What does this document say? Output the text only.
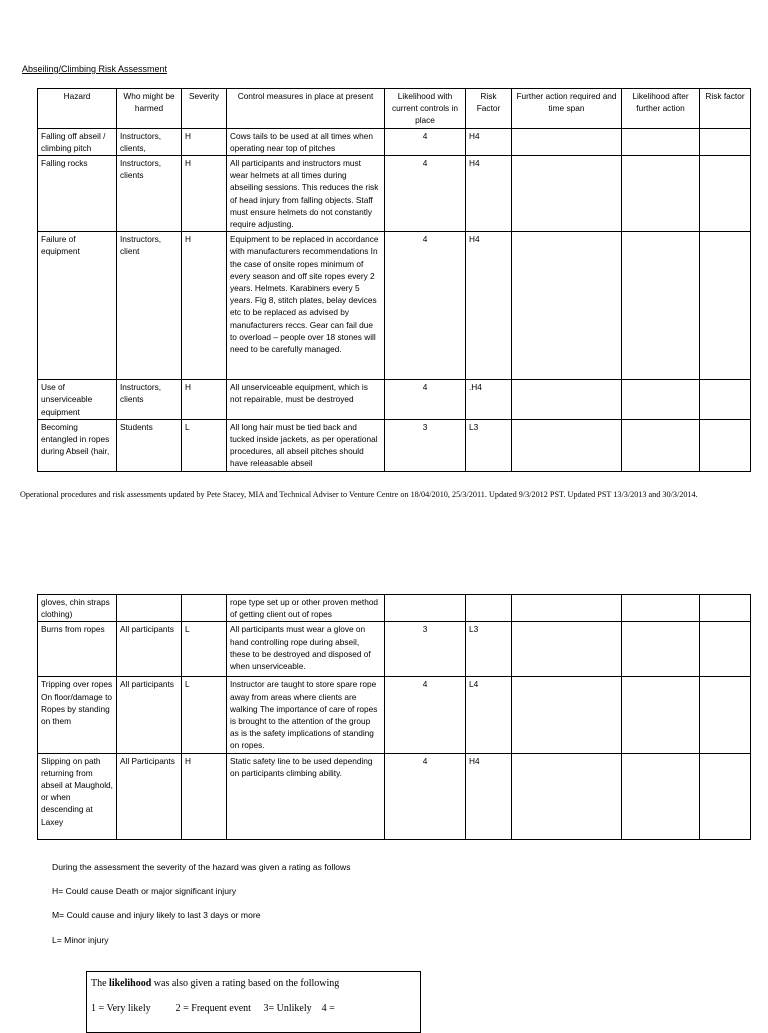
Abseiling/Climbing Risk Assessment
Hazard	Who might be harmed	Severity	Control measures in place at present	Likelihood with current controls in place	Risk Factor	Further action required and time span	Likelihood after further action	Risk factor
Falling off abseil / climbing pitch	Instructors, clients,	H	Cows tails to be used at all times when operating near top of pitches	4	H4			
Falling rocks	Instructors, clients	H	All participants and instructors must wear helmets at all times during abseiling sessions. This reduces the risk of head injury from falling objects. Staff must ensure helmets do not constantly require adjusting.	4	H4			
Failure of equipment	Instructors, client	H	Equipment to be replaced in accordance with manufacturers recommendations In the case of onsite ropes minimum of every season and off site ropes every 2 years. Helmets. Karabiners every 5 years. Fig 8, stitch plates, belay devices etc to be replaced as advised by manufacturers reccs. Gear can fail due to overload – people over 18 stones will need to be carefully managed.	4	H4			
Use of unserviceable equipment	Instructors, clients	H	All unserviceable equipment, which is not repairable, must be destroyed	4	.H4			
Becoming entangled in ropes during Abseil (hair,	Students	L	All long hair must be tied back and tucked inside jackets, as per operational procedures, all abseil pitches should have releasable abseil	3	L3			
Operational procedures and risk assessments updated by Pete Stacey, MIA and Technical Adviser to Venture Centre on 18/04/2010, 25/3/2011. Updated 9/3/2012 PST. Updated PST 13/3/2013 and 30/3/2014.
gloves, chin straps clothing)			rope type set up or other proven method of getting client out of ropes					
Burns from ropes	All participants	L	All participants must wear a glove on hand controlling rope during abseil, these to be destroyed and disposed of when unserviceable.	3	L3			
Tripping over ropes On floor/damage to Ropes by standing on them	All participants	L	Instructor are taught to store spare rope away from areas where clients are walking The importance of care of ropes is brought to the attention of the group as is the safety implications of standing on ropes.	4	L4			
Slipping on path returning from abseil at Maughold, or when descending at Laxey	All Participants	H	Static safety line to be used depending on participants climbing ability.	4	H4			
During the assessment the severity of the hazard was given a rating as follows
H= Could cause Death or major significant injury
M= Could cause and injury likely to last 3 days or more
L= Minor injury
The likelihood was also given a rating based on the following
1 = Very likely          2 = Frequent event     3= Unlikely    4 =
